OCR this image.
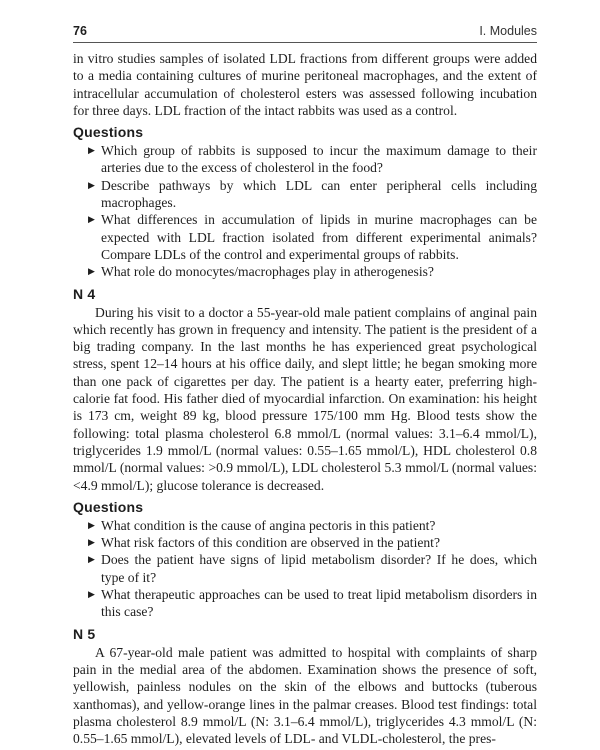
76	I. Modules

in vitro studies samples of isolated LDL fractions from different groups were added to a media containing cultures of murine peritoneal macrophages, and the extent of intracellular accumulation of cholesterol esters was assessed following incubation for three days. LDL fraction of the intact rabbits was used as a control.

Questions
▶ Which group of rabbits is supposed to incur the maximum damage to their arteries due to the excess of cholesterol in the food?
▶ Describe pathways by which LDL can enter peripheral cells including macrophages.
▶ What differences in accumulation of lipids in murine macrophages can be expected with LDL fraction isolated from different experimental animals? Compare LDLs of the control and experimental groups of rabbits.
▶ What role do monocytes/macrophages play in atherogenesis?
N 4

During his visit to a doctor a 55-year-old male patient complains of anginal pain which recently has grown in frequency and intensity. The patient is the president of a big trading company. In the last months he has experienced great psychological stress, spent 12–14 hours at his office daily, and slept little; he began smoking more than one pack of cigarettes per day. The patient is a hearty eater, preferring high-calorie fat food. His father died of myocardial infarction. On examination: his height is 173 cm, weight 89 kg, blood pressure 175/100 mm Hg. Blood tests show the following: total plasma cholesterol 6.8 mmol/L (normal values: 3.1–6.4 mmol/L), triglycerides 1.9 mmol/L (normal values: 0.55–1.65 mmol/L), HDL cholesterol 0.8 mmol/L (normal values: >0.9 mmol/L), LDL cholesterol 5.3 mmol/L (normal values: <4.9 mmol/L); glucose tolerance is decreased.

Questions
▶ What condition is the cause of angina pectoris in this patient?
▶ What risk factors of this condition are observed in the patient?
▶ Does the patient have signs of lipid metabolism disorder? If he does, which type of it?
▶ What therapeutic approaches can be used to treat lipid metabolism disorders in this case?
N 5

A 67-year-old male patient was admitted to hospital with complaints of sharp pain in the medial area of the abdomen. Examination shows the presence of soft, yellowish, painless nodules on the skin of the elbows and buttocks (tuberous xanthomas), and yellow-orange lines in the palmar creases. Blood test findings: total plasma cholesterol 8.9 mmol/L (N: 3.1–6.4 mmol/L), triglycerides 4.3 mmol/L (N: 0.55–1.65 mmol/L), elevated levels of LDL- and VLDL-cholesterol, the pres-
